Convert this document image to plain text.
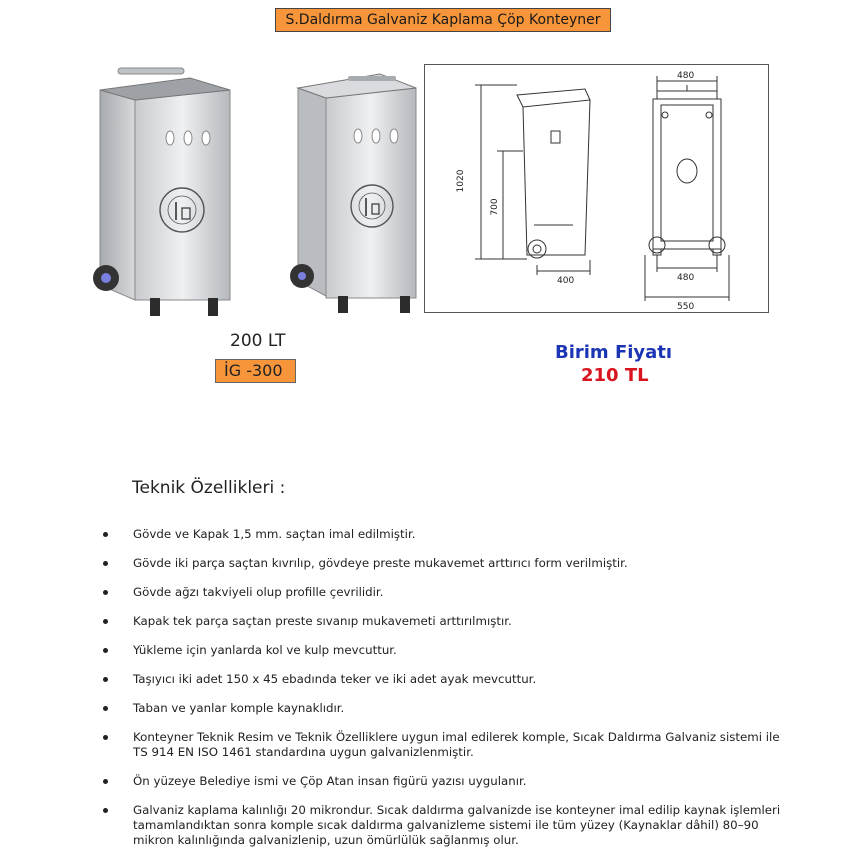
S.Daldırma Galvaniz Kaplama Çöp Konteyner
1020
700
400
480
480
550
200 LT
İG -300
Birim Fiyatı
210 TL
Teknik Özellikleri :
Gövde ve Kapak 1,5 mm. saçtan imal edilmiştir.
Gövde iki parça saçtan kıvrılıp, gövdeye preste mukavemet arttırıcı form verilmiştir.
Gövde ağzı takviyeli olup profille çevrilidir.
Kapak tek parça saçtan preste sıvanıp mukavemeti arttırılmıştır.
Yükleme için yanlarda kol ve kulp mevcuttur.
Taşıyıcı iki adet 150 x 45 ebadında teker ve iki adet ayak mevcuttur.
Taban ve yanlar komple kaynaklıdır.
Konteyner Teknik Resim ve Teknik Özelliklere uygun imal edilerek komple, Sıcak Daldırma Galvaniz sistemi ile TS 914 EN ISO 1461 standardına uygun galvanizlenmiştir.
Ön yüzeye Belediye ismi ve Çöp Atan insan figürü yazısı uygulanır.
Galvaniz kaplama kalınlığı 20 mikrondur. Sıcak daldırma galvanizde ise konteyner imal edilip kaynak işlemleri tamamlandıktan sonra komple sıcak daldırma galvanizleme sistemi ile tüm yüzey (Kaynaklar dâhil) 80–90 mikron kalınlığında galvanizlenip, uzun ömürlülük sağlanmış olur.
